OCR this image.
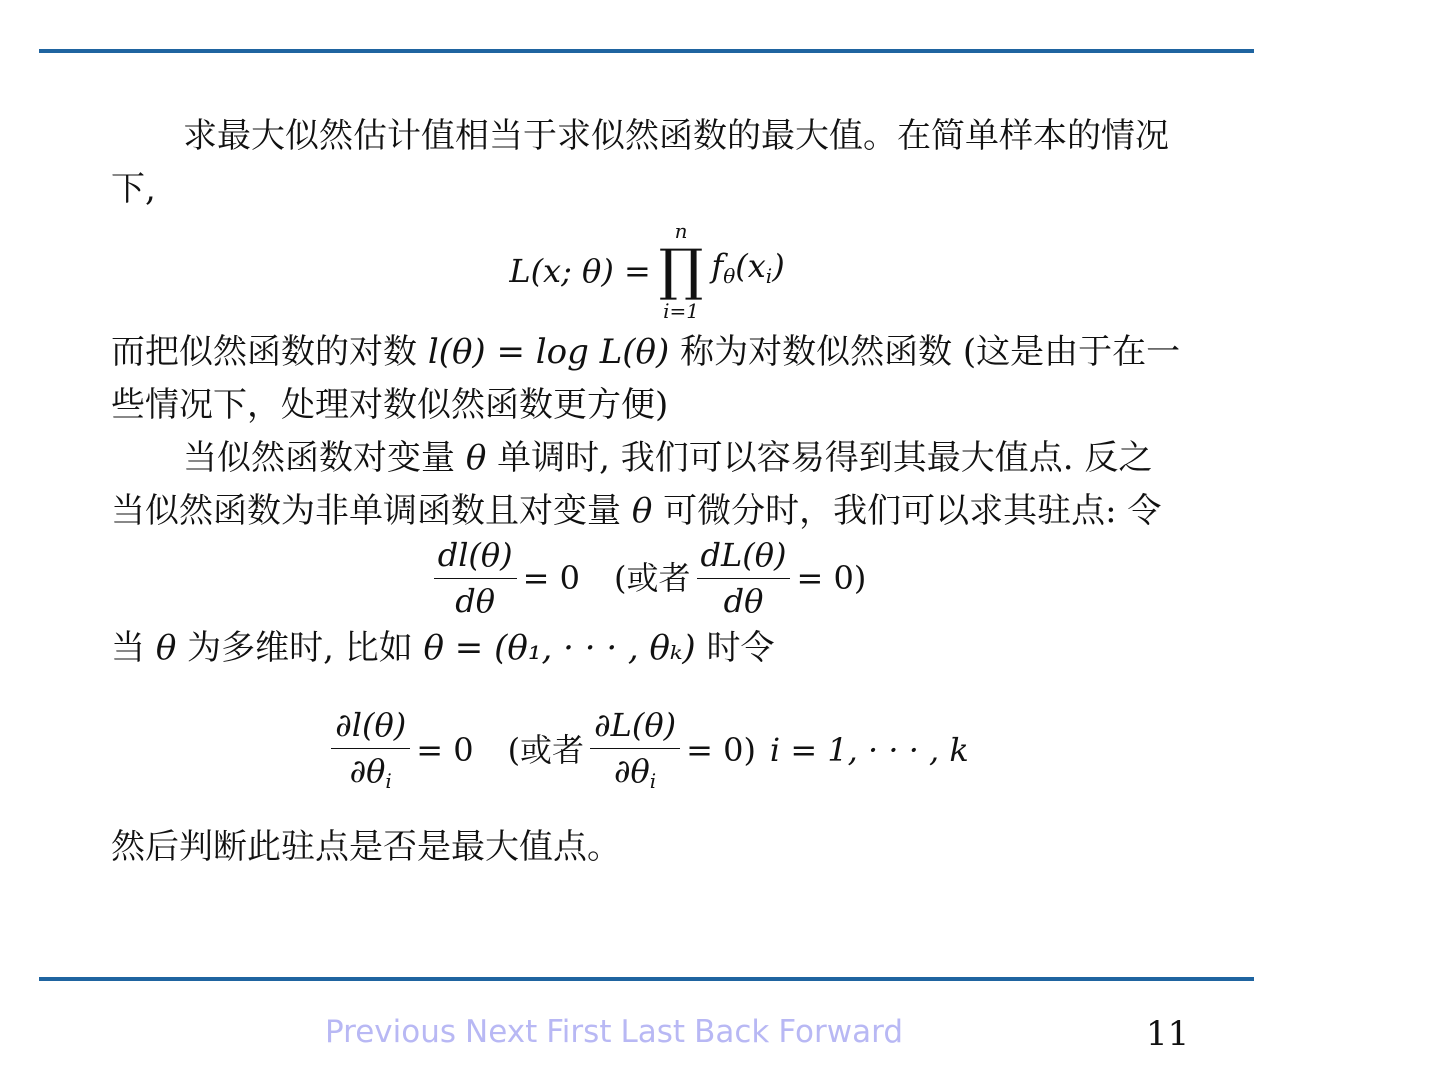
求最大似然估计值相当于求似然函数的最大值。在简单样本的情况下,

L(x; θ) =
n
∏
i=1
$f_\theta(x_i)$

而把似然函数的对数 l(θ) = log L(θ) 称为对数似然函数 (这是由于在一些情况下，处理对数似然函数更方便)

当似然函数对变量 θ 单调时, 我们可以容易得到其最大值点. 反之当似然函数为非单调函数且对变量 θ 可微分时，我们可以求其驻点: 令

$\frac{dl(\theta)}{d\theta} = 0$ (或者 $\frac{dL(\theta)}{d\theta} = 0$)

当 θ 为多维时, 比如 θ = (θ₁, · · · , θₖ) 时令

$\frac{\partial l(\theta)}{\partial\theta_i} = 0$ (或者 $\frac{\partial L(\theta)}{\partial\theta_i} = 0$) i = 1, · · · , k

然后判断此驻点是否是最大值点。

Previous Next First Last Back Forward	11
